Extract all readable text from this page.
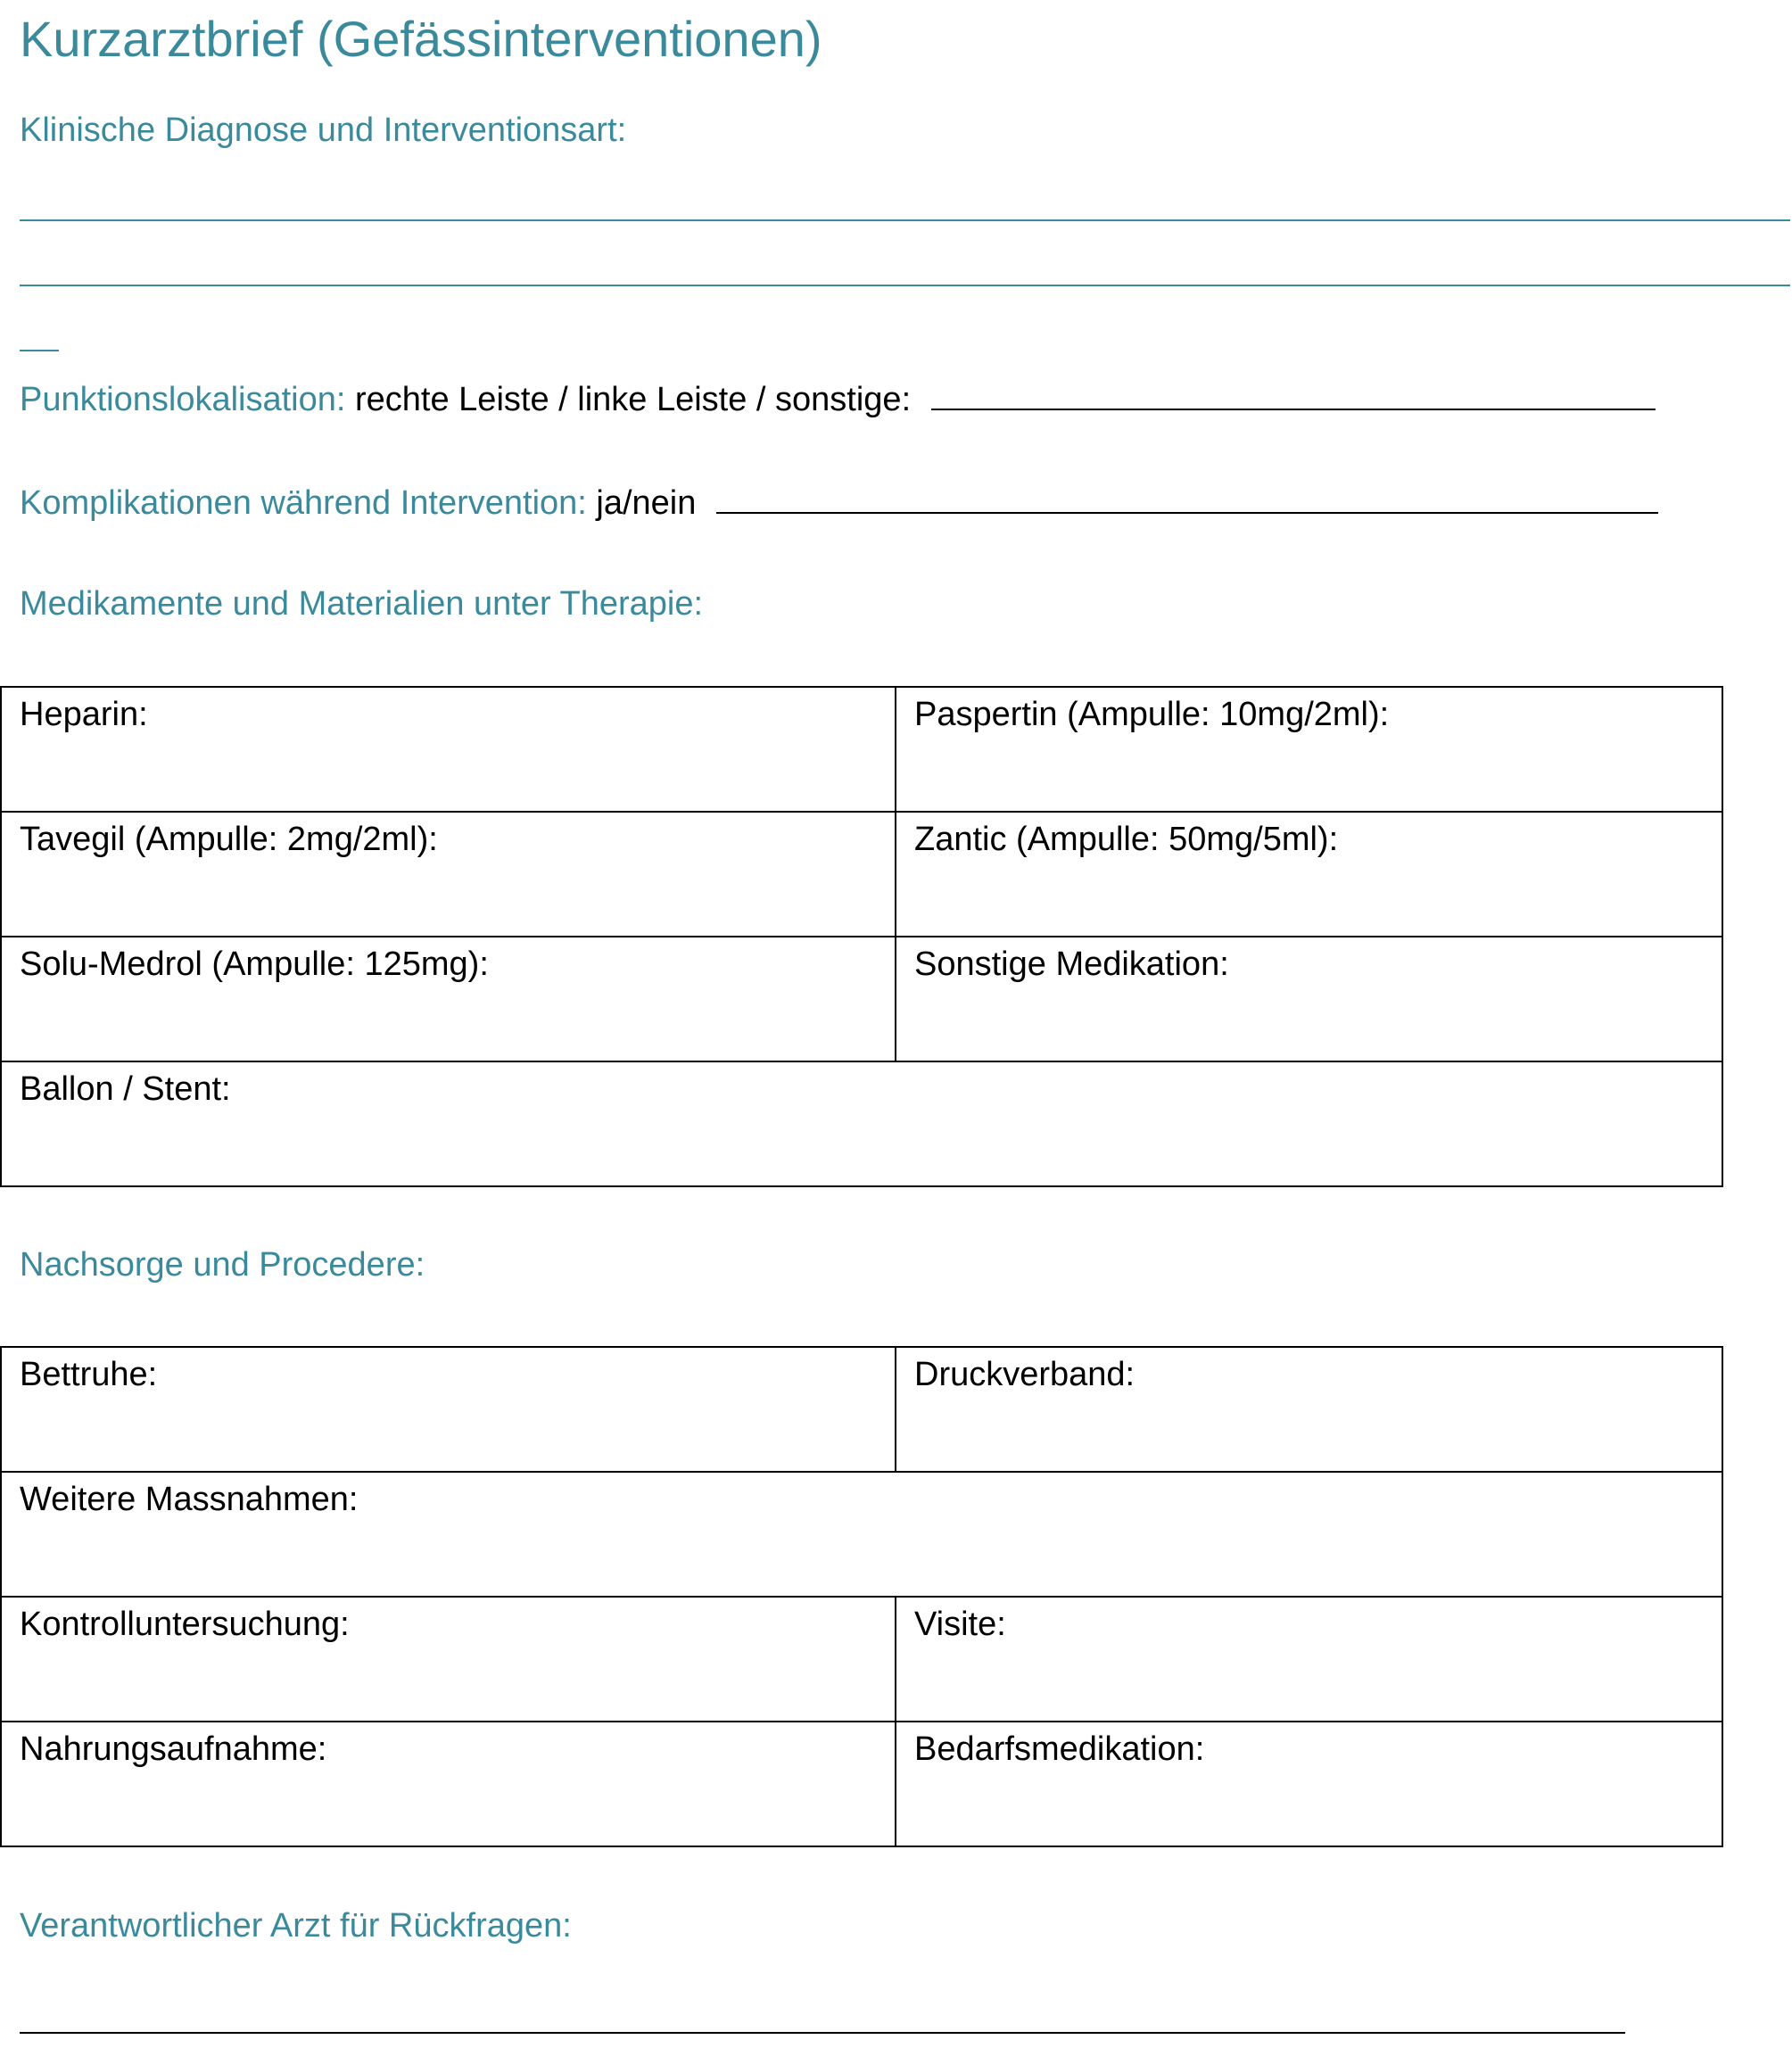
Kurzarztbrief (Gefässinterventionen)
Klinische Diagnose und Interventionsart:
Punktionslokalisation: rechte Leiste / linke Leiste / sonstige:
Komplikationen während Intervention: ja/nein
Medikamente und Materialien unter Therapie:
Heparin:	Paspertin (Ampulle: 10mg/2ml):
Tavegil (Ampulle: 2mg/2ml):	Zantic (Ampulle: 50mg/5ml):
Solu-Medrol (Ampulle: 125mg):	Sonstige Medikation:
Ballon / Stent:	
Nachsorge und Procedere:
Bettruhe:	Druckverband:
Weitere Massnahmen:	
Kontrolluntersuchung:	Visite:
Nahrungsaufnahme:	Bedarfsmedikation:
Verantwortlicher Arzt für Rückfragen:
